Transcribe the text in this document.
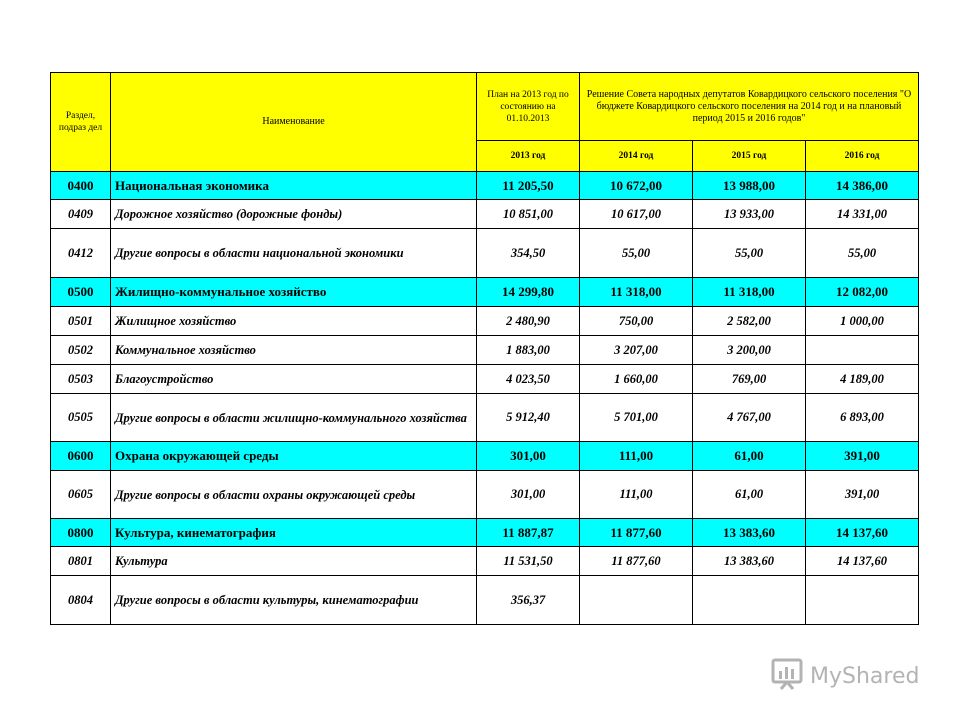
Раздел, подраз дел	Наименование	План на 2013 год по состоянию на 01.10.2013	Решение Совета народных депутатов Ковардицкого сельского поселения "О бюджете Ковардицкого сельского поселения на 2014 год и на плановый период 2015 и 2016 годов"		
		2013 год	2014 год	2015 год	2016 год
0400	Национальная экономика	11 205,50	10 672,00	13 988,00	14 386,00
0409	Дорожное хозяйство (дорожные фонды)	10 851,00	10 617,00	13 933,00	14 331,00
0412	Другие вопросы в области национальной экономики	354,50	55,00	55,00	55,00
0500	Жилищно-коммунальное хозяйство	14 299,80	11 318,00	11 318,00	12 082,00
0501	Жилищное хозяйство	2 480,90	750,00	2 582,00	1 000,00
0502	Коммунальное хозяйство	1 883,00	3 207,00	3 200,00	
0503	Благоустройство	4 023,50	1 660,00	769,00	4 189,00
0505	Другие вопросы в области жилищно-коммунального хозяйства	5 912,40	5 701,00	4 767,00	6 893,00
0600	Охрана окружающей среды	301,00	111,00	61,00	391,00
0605	Другие вопросы в области охраны окружающей среды	301,00	111,00	61,00	391,00
0800	Культура, кинематография	11 887,87	11 877,60	13 383,60	14 137,60
0801	Культура	11 531,50	11 877,60	13 383,60	14 137,60
0804	Другие вопросы в области культуры, кинематографии	356,37			
MyShared
